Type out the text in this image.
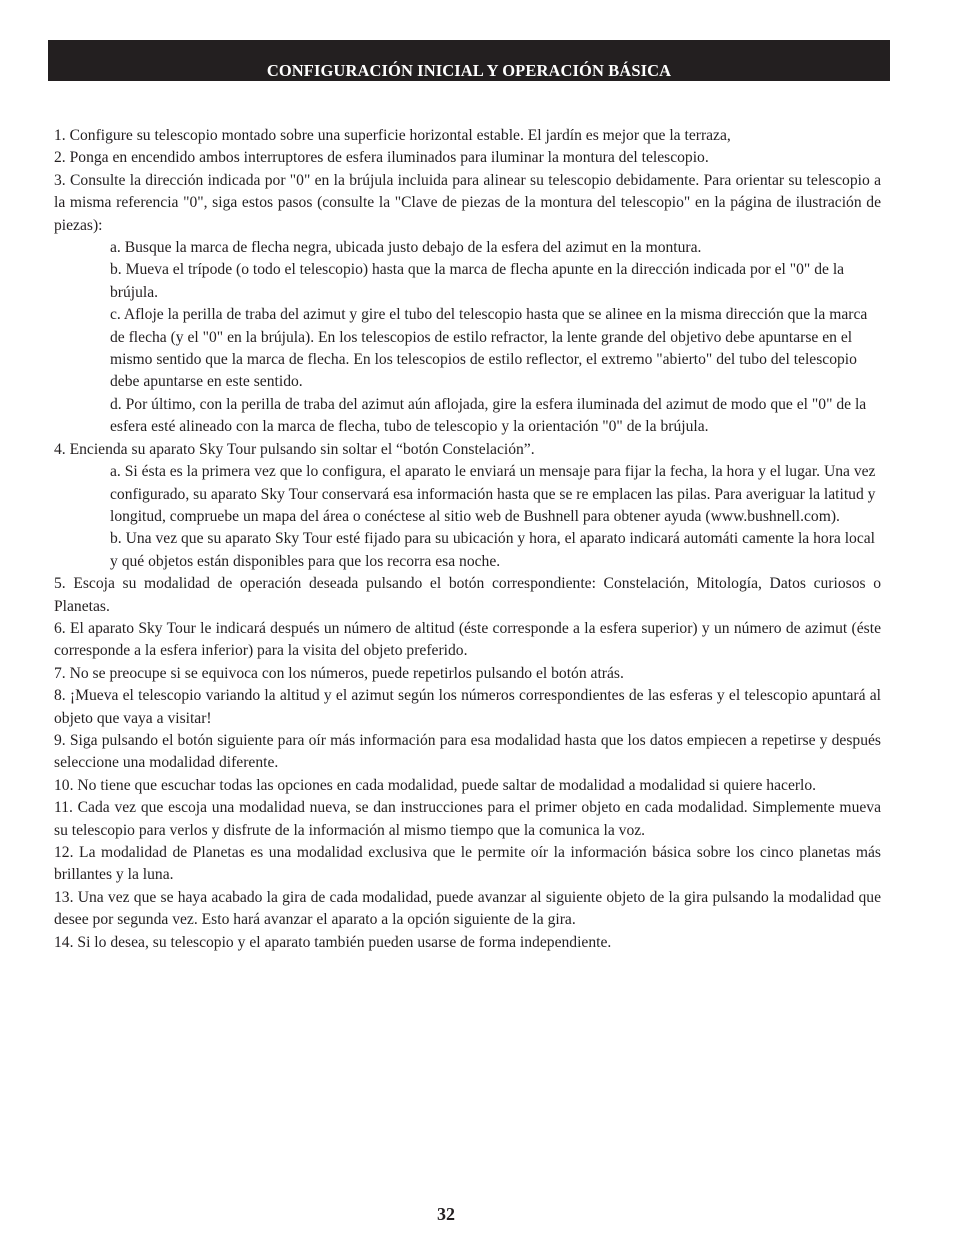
CONFIGURACIÓN INICIAL Y OPERACIÓN BÁSICA

1. Configure su telescopio montado sobre una superficie horizontal estable. El jardín es mejor que la terraza,

2. Ponga en encendido ambos interruptores de esfera iluminados para iluminar la montura del telescopio.

3. Consulte la dirección indicada por "0" en la brújula incluida para alinear su telescopio debidamente. Para orientar su telescopio a la misma referencia "0", siga estos pasos (consulte la "Clave de piezas de la montura del telescopio" en la página de ilustración de piezas):

a. Busque la marca de flecha negra, ubicada justo debajo de la esfera del azimut en la montura.

b. Mueva el trípode (o todo el telescopio) hasta que la marca de flecha apunte en la dirección indicada por el "0" de la brújula.

c. Afloje la perilla de traba del azimut y gire el tubo del telescopio hasta que se alinee en la misma dirección que la marca de flecha (y el "0" en la brújula). En los telescopios de estilo refractor, la lente grande del objetivo debe apuntarse en el mismo sentido que la marca de flecha. En los telescopios de estilo reflector, el extremo "abierto" del tubo del telescopio debe apuntarse en este sentido.

d. Por último, con la perilla de traba del azimut aún aflojada, gire la esfera iluminada del azimut de modo que el "0" de la esfera esté alineado con la marca de flecha, tubo de telescopio y la orientación "0" de la brújula.

4. Encienda su aparato Sky Tour pulsando sin soltar el “botón Constelación”.

a. Si ésta es la primera vez que lo configura, el aparato le enviará un mensaje para fijar la fecha, la hora y el lugar. Una vez configurado, su aparato Sky Tour conservará esa información hasta que se re emplacen las pilas. Para averiguar la latitud y longitud, compruebe un mapa del área o conéctese al sitio web de Bushnell para obtener ayuda (www.bushnell.com).

b. Una vez que su aparato Sky Tour esté fijado para su ubicación y hora, el aparato indicará automáti camente la hora local y qué objetos están disponibles para que los recorra esa noche.

5. Escoja su modalidad de operación deseada pulsando el botón correspondiente: Constelación, Mitología, Datos curiosos o Planetas.

6. El aparato Sky Tour le indicará después un número de altitud (éste corresponde a la esfera superior) y un número de azimut (éste corresponde a la esfera inferior) para la visita del objeto preferido.

7. No se preocupe si se equivoca con los números, puede repetirlos pulsando el botón atrás.

8. ¡Mueva el telescopio variando la altitud y el azimut según los números correspondientes de las esferas y el telescopio apuntará al objeto que vaya a visitar!

9. Siga pulsando el botón siguiente para oír más información para esa modalidad hasta que los datos empiecen a repetirse y después seleccione una modalidad diferente.

10. No tiene que escuchar todas las opciones en cada modalidad, puede saltar de modalidad a modalidad si quiere hacerlo.

11. Cada vez que escoja una modalidad nueva, se dan instrucciones para el primer objeto en cada modalidad. Simplemente mueva su telescopio para verlos y disfrute de la información al mismo tiempo que la comunica la voz.

12. La modalidad de Planetas es una modalidad exclusiva que le permite oír la información básica sobre los cinco planetas más brillantes y la luna.

13. Una vez que se haya acabado la gira de cada modalidad, puede avanzar al siguiente objeto de la gira pulsando la modalidad que desee por segunda vez. Esto hará avanzar el aparato a la opción siguiente de la gira.

14. Si lo desea, su telescopio y el aparato también pueden usarse de forma independiente.

32
